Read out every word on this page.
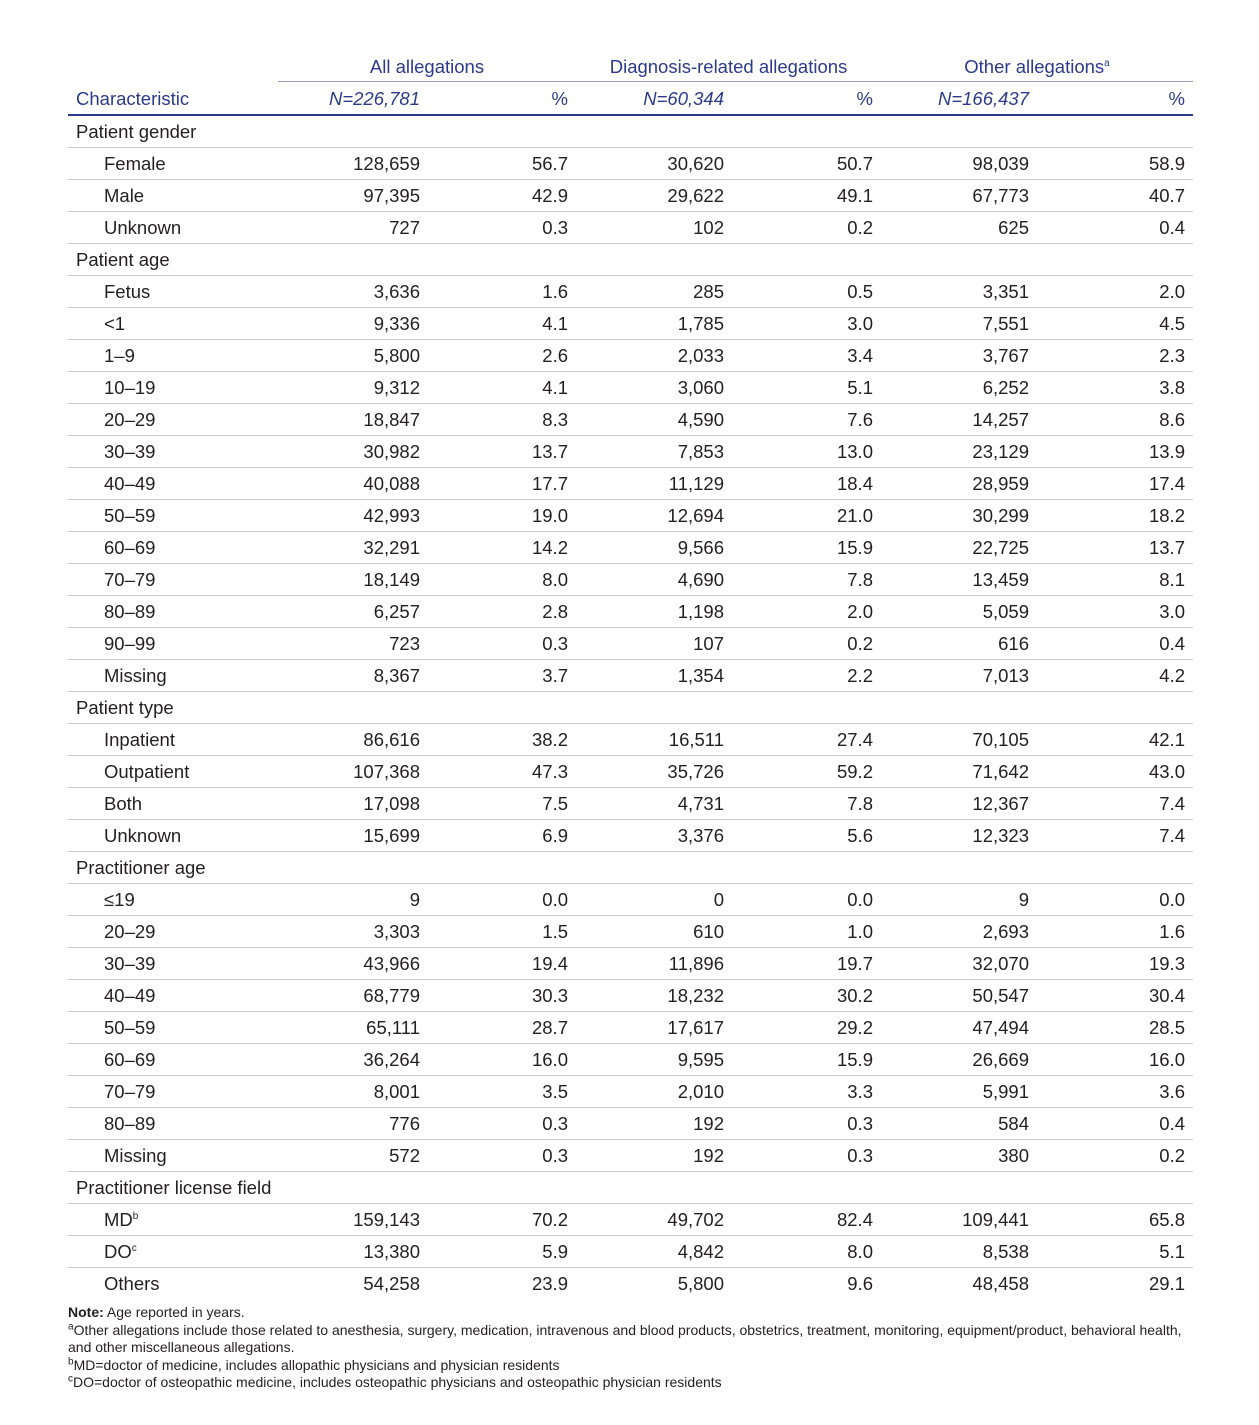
	All allegations		Diagnosis-related allegations		Other allegations$^a$

Characteristic	N=226,781	%	N=60,344	%	N=166,437	%
Patient gender						
Female	128,659	56.7	30,620	50.7	98,039	58.9
Male	97,395	42.9	29,622	49.1	67,773	40.7
Unknown	727	0.3	102	0.2	625	0.4
Patient age						
Fetus	3,636	1.6	285	0.5	3,351	2.0
<1	9,336	4.1	1,785	3.0	7,551	4.5
1–9	5,800	2.6	2,033	3.4	3,767	2.3
10–19	9,312	4.1	3,060	5.1	6,252	3.8
20–29	18,847	8.3	4,590	7.6	14,257	8.6
30–39	30,982	13.7	7,853	13.0	23,129	13.9
40–49	40,088	17.7	11,129	18.4	28,959	17.4
50–59	42,993	19.0	12,694	21.0	30,299	18.2
60–69	32,291	14.2	9,566	15.9	22,725	13.7
70–79	18,149	8.0	4,690	7.8	13,459	8.1
80–89	6,257	2.8	1,198	2.0	5,059	3.0
90–99	723	0.3	107	0.2	616	0.4
Missing	8,367	3.7	1,354	2.2	7,013	4.2
Patient type						
Inpatient	86,616	38.2	16,511	27.4	70,105	42.1
Outpatient	107,368	47.3	35,726	59.2	71,642	43.0
Both	17,098	7.5	4,731	7.8	12,367	7.4
Unknown	15,699	6.9	3,376	5.6	12,323	7.4
Practitioner age						
≤19	9	0.0	0	0.0	9	0.0
20–29	3,303	1.5	610	1.0	2,693	1.6
30–39	43,966	19.4	11,896	19.7	32,070	19.3
40–49	68,779	30.3	18,232	30.2	50,547	30.4
50–59	65,111	28.7	17,617	29.2	47,494	28.5
60–69	36,264	16.0	9,595	15.9	26,669	16.0
70–79	8,001	3.5	2,010	3.3	5,991	3.6
80–89	776	0.3	192	0.3	584	0.4
Missing	572	0.3	192	0.3	380	0.2
Practitioner license field						
$MD^b$	159,143	70.2	49,702	82.4	109,441	65.8
$DO^c$	13,380	5.9	4,842	8.0	8,538	5.1
Others	54,258	23.9	5,800	9.6	48,458	29.1

Note: Age reported in years.

$^a$Other allegations include those related to anesthesia, surgery, medication, intravenous and blood products, obstetrics, treatment, monitoring, equipment/product, behavioral health, and other miscellaneous allegations.

$^b$MD=doctor of medicine, includes allopathic physicians and physician residents

$^c$DO=doctor of osteopathic medicine, includes osteopathic physicians and osteopathic physician residents
